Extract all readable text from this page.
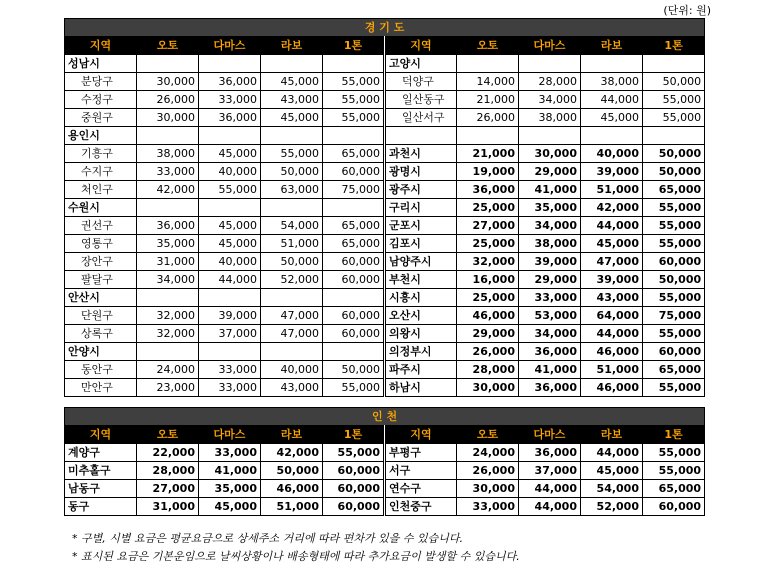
(단위: 원)
경 기 도									
지역	오토	다마스	라보	1톤	지역	오토	다마스	라보	1톤
성남시					고양시				
분당구	30,000	36,000	45,000	55,000	덕양구	14,000	28,000	38,000	50,000
수정구	26,000	33,000	43,000	55,000	일산동구	21,000	34,000	44,000	55,000
중원구	30,000	36,000	45,000	55,000	일산서구	26,000	38,000	45,000	55,000
용인시									
기흥구	38,000	45,000	55,000	65,000	과천시	21,000	30,000	40,000	50,000
수지구	33,000	40,000	50,000	60,000	광명시	19,000	29,000	39,000	50,000
처인구	42,000	55,000	63,000	75,000	광주시	36,000	41,000	51,000	65,000
수원시					구리시	25,000	35,000	42,000	55,000
권선구	36,000	45,000	54,000	65,000	군포시	27,000	34,000	44,000	55,000
영통구	35,000	45,000	51,000	65,000	김포시	25,000	38,000	45,000	55,000
장안구	31,000	40,000	50,000	60,000	남양주시	32,000	39,000	47,000	60,000
팔달구	34,000	44,000	52,000	60,000	부천시	16,000	29,000	39,000	50,000
안산시					시흥시	25,000	33,000	43,000	55,000
단원구	32,000	39,000	47,000	60,000	오산시	46,000	53,000	64,000	75,000
상록구	32,000	37,000	47,000	60,000	의왕시	29,000	34,000	44,000	55,000
안양시					의정부시	26,000	36,000	46,000	60,000
동안구	24,000	33,000	40,000	50,000	파주시	28,000	41,000	51,000	65,000
만안구	23,000	33,000	43,000	55,000	하남시	30,000	36,000	46,000	55,000
인 천									
지역	오토	다마스	라보	1톤	지역	오토	다마스	라보	1톤
계양구	22,000	33,000	42,000	55,000	부평구	24,000	36,000	44,000	55,000
미추홀구	28,000	41,000	50,000	60,000	서구	26,000	37,000	45,000	55,000
남동구	27,000	35,000	46,000	60,000	연수구	30,000	44,000	54,000	65,000
동구	31,000	45,000	51,000	60,000	인천중구	33,000	44,000	52,000	60,000
* 구별, 시별 요금은 평균요금으로 상세주소 거리에 따라 편차가 있을 수 있습니다.
* 표시된 요금은 기본운임으로 날씨상황이나 배송형태에 따라 추가요금이 발생할 수 있습니다.
